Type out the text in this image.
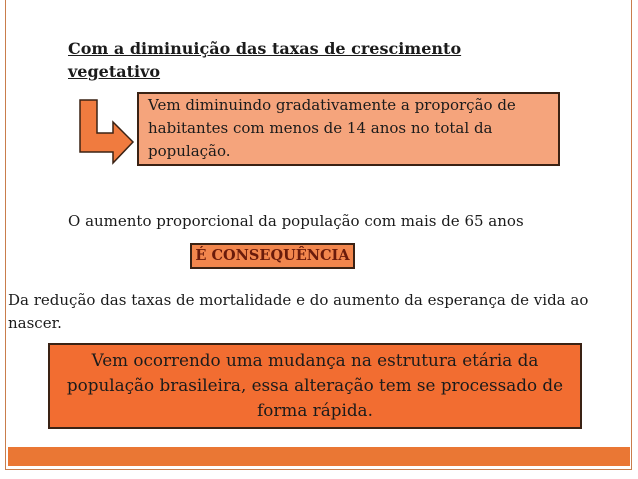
Com a diminuição das taxas de crescimento
vegetativo
Vem diminuindo gradativamente a proporção de
habitantes com menos de 14 anos no total da
população.
O aumento proporcional da população com mais de 65 anos
É CONSEQUÊNCIA
Da redução das taxas de mortalidade e do aumento da esperança de vida ao
nascer.
Vem ocorrendo uma mudança na estrutura etária da
população brasileira, essa alteração tem se processado de
forma rápida.
